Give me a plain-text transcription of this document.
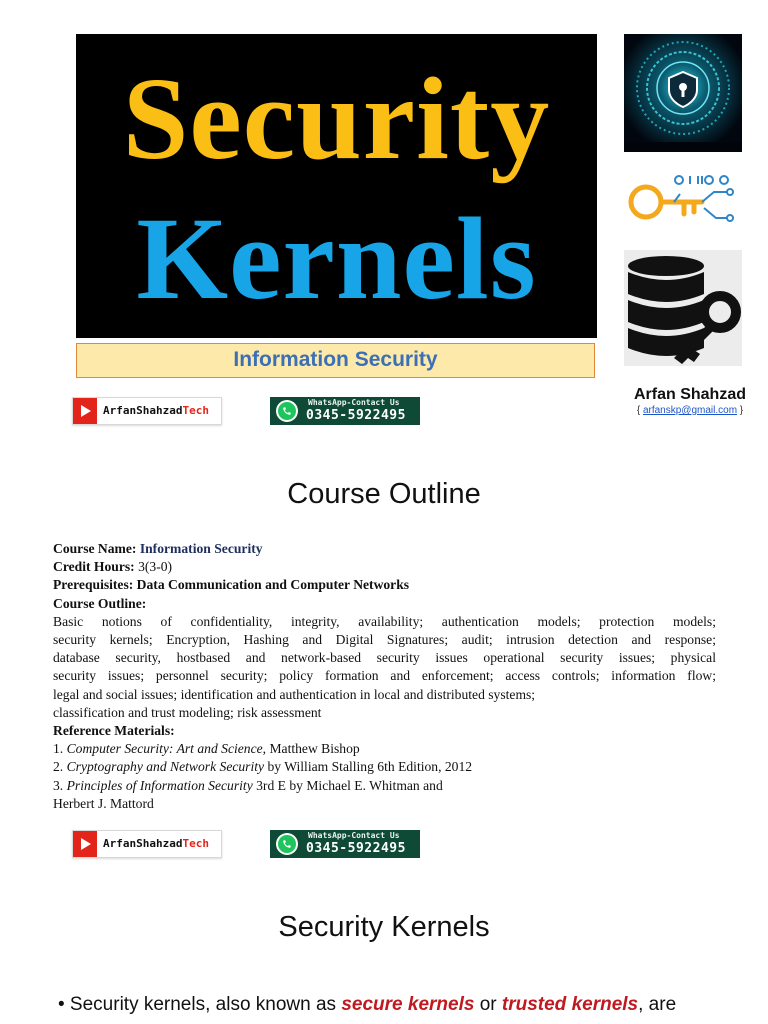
Security
Kernels
Information Security
Arfan Shahzad
{ arfanskp@gmail.com }
ArfanShahzadTech
WhatsApp-Contact Us
0345-5922495
Course Outline
Course Name: Information Security
Credit Hours: 3(3-0)
Prerequisites: Data Communication and Computer Networks
Course Outline:
Basic notions of confidentiality, integrity, availability; authentication models; protection models;
security kernels; Encryption, Hashing and Digital Signatures; audit; intrusion detection and response;
database security, hostbased and network-based security issues operational security issues; physical
security issues; personnel security; policy formation and enforcement; access controls; information flow;
legal and social issues; identification and authentication in local and distributed systems;
classification and trust modeling; risk assessment
Reference Materials:
1. Computer Security: Art and Science, Matthew Bishop
2. Cryptography and Network Security by William Stalling 6th Edition, 2012
3. Principles of Information Security 3rd E by Michael E. Whitman and
Herbert J. Mattord
ArfanShahzadTech
WhatsApp-Contact Us
0345-5922495
Security Kernels
• Security kernels, also known as secure kernels or trusted kernels, are
